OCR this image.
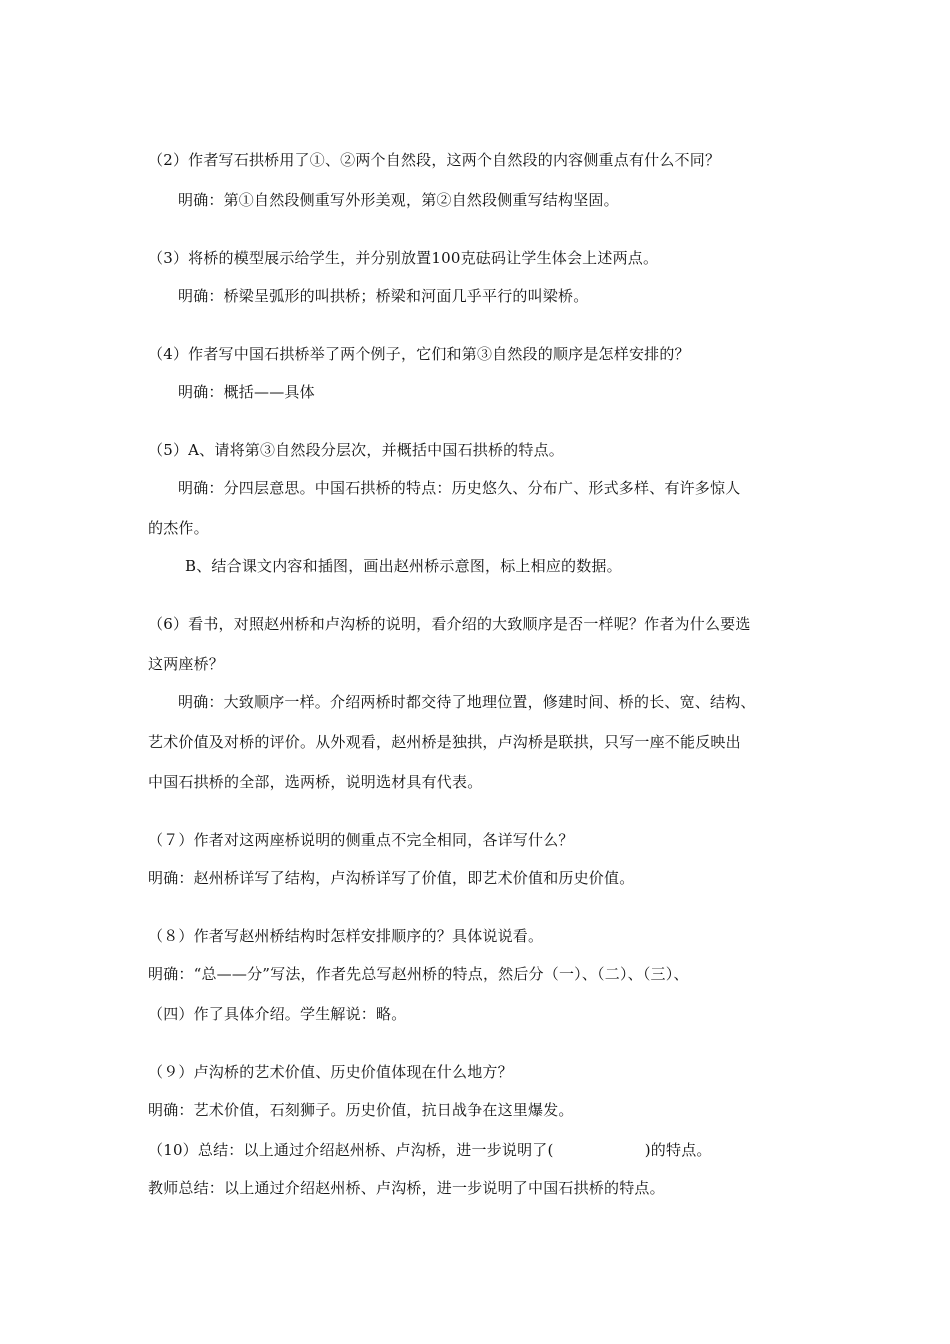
（2）作者写石拱桥用了①、②两个自然段，这两个自然段的内容侧重点有什么不同？
明确：第①自然段侧重写外形美观，第②自然段侧重写结构坚固。
（3）将桥的模型展示给学生，并分别放置100克砝码让学生体会上述两点。
明确：桥梁呈弧形的叫拱桥；桥梁和河面几乎平行的叫梁桥。
（4）作者写中国石拱桥举了两个例子，它们和第③自然段的顺序是怎样安排的？
明确：概括——具体
（5）A、请将第③自然段分层次，并概括中国石拱桥的特点。
明确：分四层意思。中国石拱桥的特点：历史悠久、分布广、形式多样、有许多惊人
的杰作。
B、结合课文内容和插图，画出赵州桥示意图，标上相应的数据。
（6）看书，对照赵州桥和卢沟桥的说明，看介绍的大致顺序是否一样呢？作者为什么要选
这两座桥？
明确：大致顺序一样。介绍两桥时都交待了地理位置，修建时间、桥的长、宽、结构、
艺术价值及对桥的评价。从外观看，赵州桥是独拱，卢沟桥是联拱，只写一座不能反映出
中国石拱桥的全部，选两桥，说明选材具有代表。
（７）作者对这两座桥说明的侧重点不完全相同，各详写什么？
明确：赵州桥详写了结构，卢沟桥详写了价值，即艺术价值和历史价值。
（８）作者写赵州桥结构时怎样安排顺序的？具体说说看。
明确：“总——分”写法，作者先总写赵州桥的特点，然后分（一）、（二）、（三）、
（四）作了具体介绍。学生解说：略。
（９）卢沟桥的艺术价值、历史价值体现在什么地方？
明确：艺术价值，石刻狮子。历史价值，抗日战争在这里爆发。
（10）总结：以上通过介绍赵州桥、卢沟桥，进一步说明了(　　　　　　)的特点。
教师总结：以上通过介绍赵州桥、卢沟桥，进一步说明了中国石拱桥的特点。
